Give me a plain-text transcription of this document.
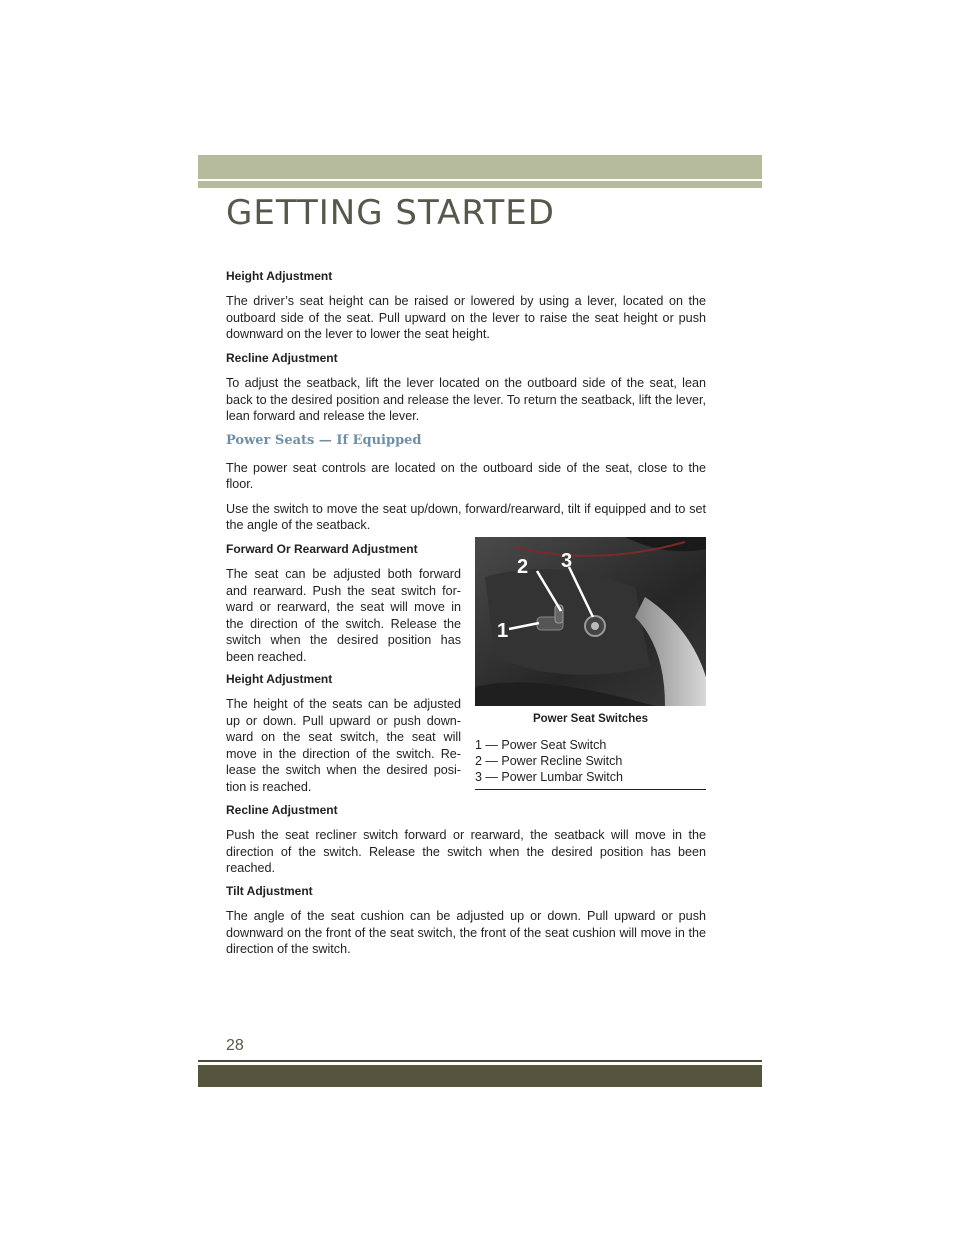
GETTING STARTED

Height Adjustment

The driver’s seat height can be raised or lowered by using a lever, located on the outboard side of the seat. Pull upward on the lever to raise the seat height or push downward on the lever to lower the seat height.

Recline Adjustment

To adjust the seatback, lift the lever located on the outboard side of the seat, lean back to the desired position and release the lever. To return the seatback, lift the lever, lean forward and release the lever.

Power Seats — If Equipped

The power seat controls are located on the outboard side of the seat, close to the floor.

Use the switch to move the seat up/down, forward/rearward, tilt if equipped and to set the angle of the seatback.

Forward Or Rearward Adjustment

The seat can be adjusted both forward and rearward. Push the seat switch for-ward or rearward, the seat will move in the direction of the switch. Release the switch when the desired position has been reached.

Height Adjustment

The height of the seats can be adjusted up or down. Pull upward or push down-ward on the seat switch, the seat will move in the direction of the switch. Re-lease the switch when the desired posi-tion is reached.

Recline Adjustment

Push the seat recliner switch forward or rearward, the seatback will move in the direction of the switch. Release the switch when the desired position has been reached.

Tilt Adjustment

The angle of the seat cushion can be adjusted up or down. Pull upward or push downward on the front of the seat switch, the front of the seat cushion will move in the direction of the switch.

1
2 3
Power Seat Switches
1 — Power Seat Switch
2 — Power Recline Switch
3 — Power Lumbar Switch
28
